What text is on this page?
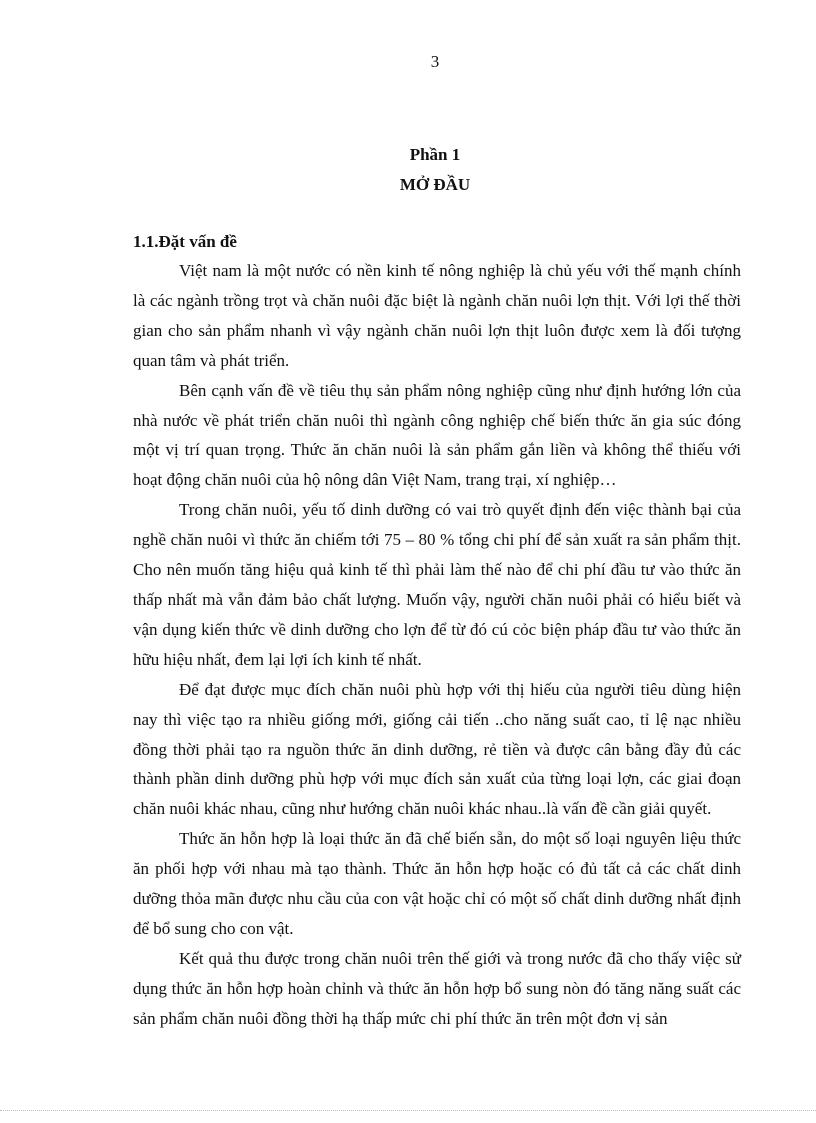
3
Phần 1
MỞ ĐẦU
1.1.Đặt vấn đề

Việt nam là một nước có nền kinh tế nông nghiệp là chủ yếu với thế mạnh chính là các ngành trồng trọt và chăn nuôi đặc biệt là ngành chăn nuôi lợn thịt. Với lợi thế thời gian cho sản phẩm nhanh vì vậy ngành chăn nuôi lợn thịt luôn được xem là đối tượng quan tâm và phát triển.

Bên cạnh vấn đề về tiêu thụ sản phẩm nông nghiệp cũng như định hướng lớn của nhà nước về phát triển chăn nuôi thì ngành công nghiệp chế biến thức ăn gia súc đóng một vị trí quan trọng. Thức ăn chăn nuôi là sản phẩm gắn liền và không thể thiếu với hoạt động chăn nuôi của hộ nông dân Việt Nam, trang trại, xí nghiệp…

Trong chăn nuôi, yếu tố dinh dưỡng có vai trò quyết định đến việc thành bại của nghề chăn nuôi vì thức ăn chiếm tới 75 – 80 % tổng chi phí để sản xuất ra sản phẩm thịt. Cho nên muốn tăng hiệu quả kinh tế thì phải làm thế nào để chi phí đầu tư vào thức ăn thấp nhất mà vẫn đảm bảo chất lượng. Muốn vậy, người chăn nuôi phải có hiểu biết và vận dụng kiến thức về dinh dưỡng cho lợn để từ đó cú cỏc biện pháp đầu tư vào thức ăn hữu hiệu nhất, đem lại lợi ích kinh tế nhất.

Để đạt được mục đích chăn nuôi phù hợp với thị hiếu của người tiêu dùng hiện nay thì việc tạo ra nhiều giống mới, giống cải tiến ..cho năng suất cao, tỉ lệ nạc nhiều đồng thời phải tạo ra nguồn thức ăn dinh dưỡng, rẻ tiền và được cân bằng đầy đủ các thành phần dinh dưỡng phù hợp với mục đích sản xuất của từng loại lợn, các giai đoạn chăn nuôi khác nhau, cũng như hướng chăn nuôi khác nhau..là vấn đề cần giải quyết.

Thức ăn hỗn hợp là loại thức ăn đã chế biến sẵn, do một số loại nguyên liệu thức ăn phối hợp với nhau mà tạo thành. Thức ăn hỗn hợp hoặc có đủ tất cả các chất dinh dưỡng thỏa mãn được nhu cầu của con vật hoặc chỉ có một số chất dinh dưỡng nhất định để bổ sung cho con vật.

Kết quả thu được trong chăn nuôi trên thế giới và trong nước đã cho thấy việc sử dụng thức ăn hỗn hợp hoàn chỉnh và thức ăn hỗn hợp bổ sung nòn đó tăng năng suất các sản phẩm chăn nuôi đồng thời hạ thấp mức chi phí thức ăn trên một đơn vị sản
